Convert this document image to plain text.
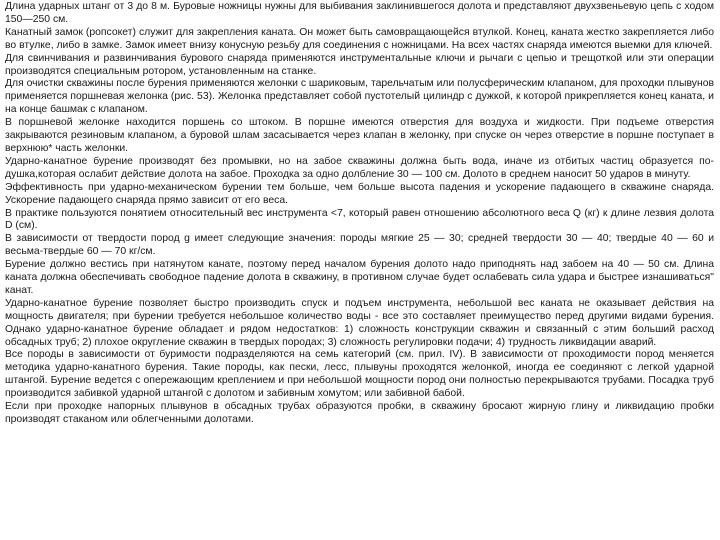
Длина ударных штанг от 3 до 8 м. Буровые ножницы нужны для выбивания заклинившегося долота и представляют двухзвеньевую цепь с ходом 150—250 см.

Канатный замок (ропсокет) служит для закрепления каната. Он может быть самовращающейся втулкой. Конец, каната жестко закрепляется либо во втулке, либо в замке. Замок имеет внизу конусную резьбу для соединения с ножницами. На всех частях снаряда имеются выемки для ключей.

Для свинчивания и развинчивания бурового снаряда применяются инструментальные ключи и рычаги с цепью и трещоткой или эти операции производятся специальным ротором, установленным на станке.

Для очистки скважины после бурения применяются желонки с шариковым, тарельчатым или полусферическим клапаном, для проходки плывунов применяется поршневая желонка (рис. 53). Желонка представляет собой пустотелый цилиндр с дужкой, к которой прикрепляется конец каната, и на конце башмак с клапаном.

В поршневой желонке находится поршень со штоком. В поршне имеются отверстия для воздуха и жидкости. При подъеме отверстия закрываются резиновым клапаном, а буровой шлам засасывается через клапан в желонку, при спуске он через отверстие в поршне поступает в верхнюю* часть желонки.

Ударно-канатное бурение производят без промывки, но на забое скважины должна быть вода, иначе из отбитых частиц образуется по-душка,которая ослабит действие долота на забое. Проходка за одно долбление 30 — 100 см. Долото в среднем наносит 50 ударов в минуту.

Эффективность при ударно-механическом бурении тем больше, чем больше высота падения и ускорение падающего в скважине снаряда. Ускорение падающего снаряда прямо зависит от его веса.

В практике пользуются понятием относительный вес инструмента <7, который равен отношению абсолютного веса Q (кг) к длине лезвия долота D (см).

В зависимости от твердости пород g имеет следующие значения: породы мягкие 25 — 30; средней твердости 30 — 40; твердые 40 — 60 и весьма-твердые 60 — 70 кг/см.

Бурение должно вестись при натянутом канате, поэтому перед началом бурения долото надо приподнять над забоем на 40 — 50 см. Длина каната должна обеспечивать свободное падение долота в скважину, в противном случае будет ослабевать сила удара и быстрее изнашиваться" канат.

Ударно-канатное бурение позволяет быстро производить спуск и подъем инструмента, небольшой вес каната не оказывает действия на мощность двигателя; при бурении требуется небольшое количество воды - все это составляет преимущество перед другими видами бурения. Однако ударно-канатное бурение обладает и рядом недостатков: 1) сложность конструкции скважин и связанный с этим больший расход обсадных труб; 2) плохое округление скважин в твердых породах; 3) сложность регулировки подачи; 4) трудность ликвидации аварий.

Все породы в зависимости от буримости подразделяются на семь категорий (см. прил. IV). В зависимости от проходимости пород меняется методика ударно-канатного бурения. Такие породы, как пески, лесс, плывуны проходятся желонкой, иногда ее соединяют с легкой ударной штангой. Бурение ведется с опережающим креплением и при небольшой мощности пород они полностью перекрываются трубами. Посадка труб производится забивкой ударной штангой с долотом и забивным хомутом; или забивной бабой.

Если при проходке напорных плывунов в обсадных трубах образуются пробки, в скважину бросают жирную глину и ликвидацию пробки производят стаканом или облегченными долотами.
